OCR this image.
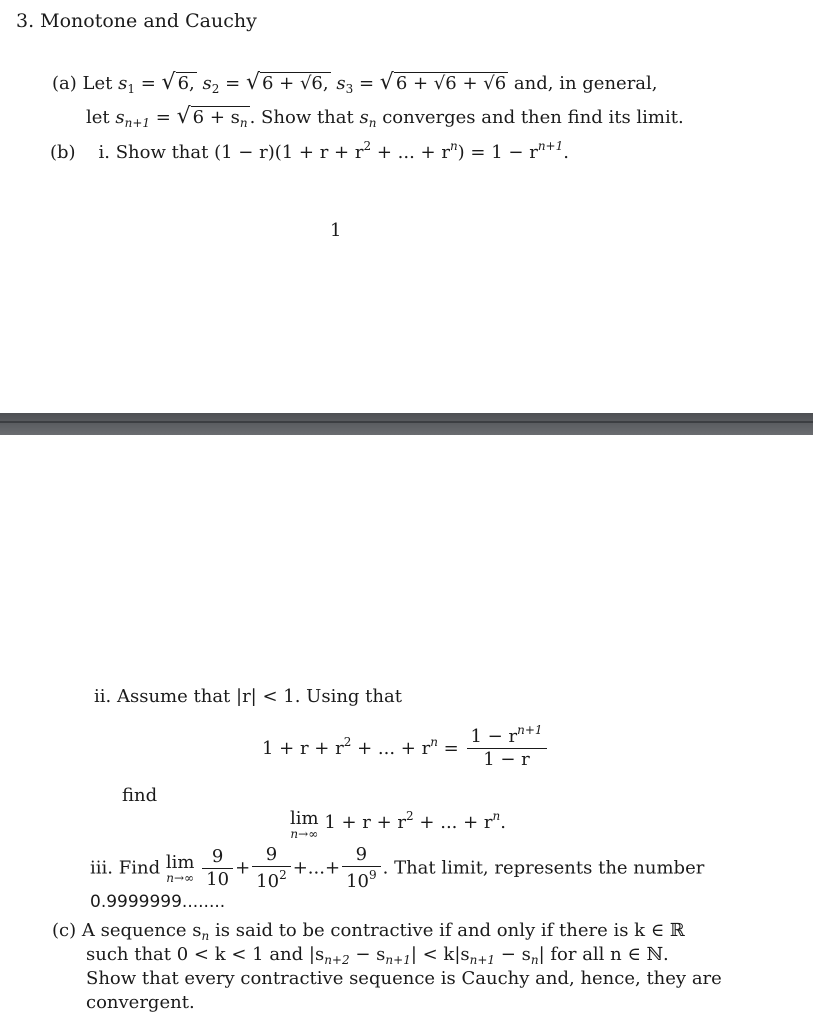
3. Monotone and Cauchy
(a) Let $s_1$ = √ 6, $s_2$ = √ 6 + √6, $s_3$ = √ 6 + √6 + √6 and, in general,
let $s_{n+1}$ = √ $6 + s_n$ . Show that $s_n$ converges and then find its limit.
(b) i. Show that $(1 - r)(1 + r + r^2$ + ... + $r^n) = 1 - r^{n+1}$.
1
ii. Assume that |r| < 1. Using that
$1 + r + r^2$ + ... + $r^n = \frac{1 - r^{n+1}}{1 - r}$
find
lim
n→∞
$1 + r + r^2$ + ... + $r^n$.
iii. Find lim
n→∞
$\frac{9}{10} + \frac{9}{10^2}$ +...+ $\frac{9}{10^9}$ . That limit, represents the number
0.9999999........
(c) A sequence $s_n$ is said to be contractive if and only if there is k ∈ ℝ
such that 0 < k < 1 and $|s_{n+2} - s_{n+1}| < k|s_{n+1} - s_n|$ for all n ∈ ℕ.
Show that every contractive sequence is Cauchy and, hence, they are
convergent.
